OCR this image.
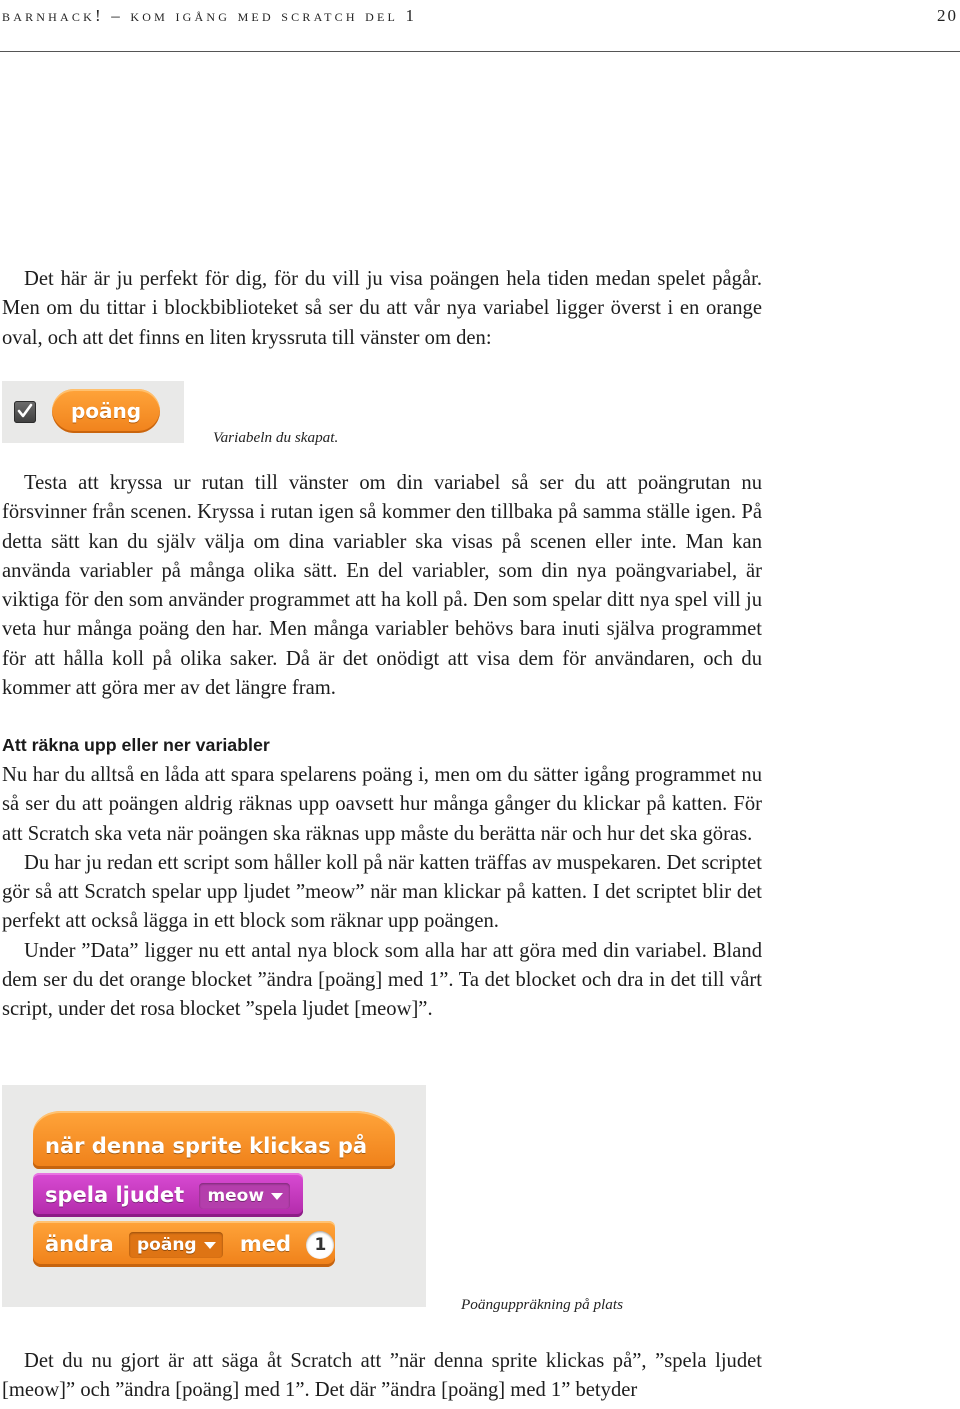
barnhack! – kom igång med scratch del 1	20

Det här är ju perfekt för dig, för du vill ju visa poängen hela tiden medan spelet pågår. Men om du tittar i blockbiblioteket så ser du att vår nya variabel ligger överst i en orange oval, och att det finns en liten kryssruta till vänster om den:

poäng
Variabeln du skapat.

Testa att kryssa ur rutan till vänster om din variabel så ser du att poängrutan nu försvinner från scenen. Kryssa i rutan igen så kommer den tillbaka på samma ställe igen. På detta sätt kan du själv välja om dina variabler ska visas på scenen eller inte. Man kan använda variabler på många olika sätt. En del variabler, som din nya poängvariabel, är viktiga för den som använder programmet att ha koll på. Den som spelar ditt nya spel vill ju veta hur många poäng den har. Men många variabler behövs bara inuti själva programmet för att hålla koll på olika saker. Då är det onödigt att visa dem för användaren, och du kommer att göra mer av det längre fram.

Att räkna upp eller ner variabler

Nu har du alltså en låda att spara spelarens poäng i, men om du sätter igång programmet nu så ser du att poängen aldrig räknas upp oavsett hur många gånger du klickar på katten. För att Scratch ska veta när poängen ska räknas upp måste du berätta när och hur det ska göras.

Du har ju redan ett script som håller koll på när katten träffas av muspekaren. Det scriptet gör så att Scratch spelar upp ljudet ”meow” när man klickar på katten. I det scriptet blir det perfekt att också lägga in ett block som räknar upp poängen.

Under ”Data” ligger nu ett antal nya block som alla har att göra med din variabel. Bland dem ser du det orange blocket ”ändra [poäng] med 1”. Ta det blocket och dra in det till vårt script, under det rosa blocket ”spela ljudet [meow]”.

när denna sprite klickas på
spela ljudet meow
ändra poäng med 1
Poänguppräkning på plats

Det du nu gjort är att säga åt Scratch att ”när denna sprite klickas på”, ”spela ljudet [meow]” och ”ändra [poäng] med 1”. Det där ”ändra [poäng] med 1” betyder
